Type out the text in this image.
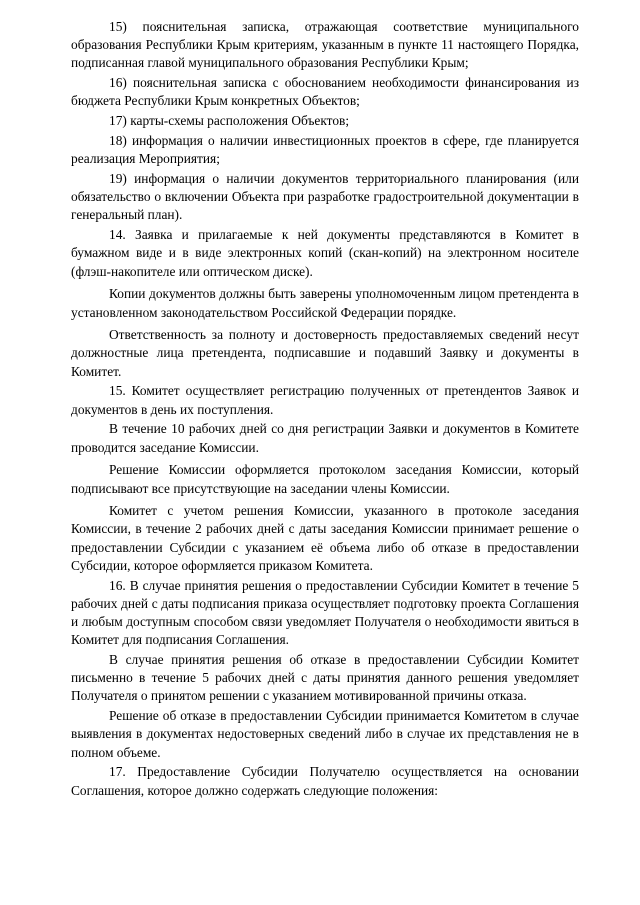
15) пояснительная записка, отражающая соответствие муниципального образования Республики Крым критериям, указанным в пункте 11 настоящего Порядка, подписанная главой муниципального образования Республики Крым;

16) пояснительная записка с обоснованием необходимости финансирования из бюджета Республики Крым конкретных Объектов;

17) карты-схемы расположения Объектов;

18) информация о наличии инвестиционных проектов в сфере, где планируется реализация Мероприятия;

19) информация о наличии документов территориального планирования (или обязательство о включении Объекта при разработке градостроительной документации в генеральный план).

14. Заявка и прилагаемые к ней документы представляются в Комитет в бумажном виде и в виде электронных копий (скан-копий) на электронном носителе (флэш-накопителе или оптическом диске).

Копии документов должны быть заверены уполномоченным лицом претендента в установленном законодательством Российской Федерации порядке.

Ответственность за полноту и достоверность предоставляемых сведений несут должностные лица претендента, подписавшие и подавший Заявку и документы в Комитет.

15. Комитет осуществляет регистрацию полученных от претендентов Заявок и документов в день их поступления.

В течение 10 рабочих дней со дня регистрации Заявки и документов в Комитете проводится заседание Комиссии.

Решение Комиссии оформляется протоколом заседания Комиссии, который подписывают все присутствующие на заседании члены Комиссии.

Комитет с учетом решения Комиссии, указанного в протоколе заседания Комиссии, в течение 2 рабочих дней с даты заседания Комиссии принимает решение о предоставлении Субсидии с указанием её объема либо об отказе в предоставлении Субсидии, которое оформляется приказом Комитета.

16. В случае принятия решения о предоставлении Субсидии Комитет в течение 5 рабочих дней с даты подписания приказа осуществляет подготовку проекта Соглашения и любым доступным способом связи уведомляет Получателя о необходимости явиться в Комитет для подписания Соглашения.

В случае принятия решения об отказе в предоставлении Субсидии Комитет письменно в течение 5 рабочих дней с даты принятия данного решения уведомляет Получателя о принятом решении с указанием мотивированной причины отказа.

Решение об отказе в предоставлении Субсидии принимается Комитетом в случае выявления в документах недостоверных сведений либо в случае их представления не в полном объеме.

17. Предоставление Субсидии Получателю осуществляется на основании Соглашения, которое должно содержать следующие положения:
